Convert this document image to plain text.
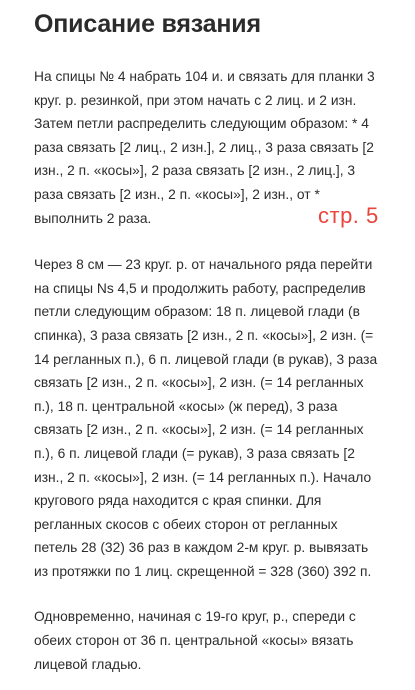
Описание вязания

На спицы № 4 набрать 104 и. и связать для планки 3
круг. р. резинкой, при этом начать с 2 лиц. и 2 изн.
Затем петли распределить следующим образом: * 4
раза связать [2 лиц., 2 изн.], 2 лиц., 3 раза связать [2
изн., 2 п. «косы»], 2 раза связать [2 изн., 2 лиц.], 3
раза связать [2 изн., 2 п. «косы»], 2 изн., от *
выполнить 2 раза.

Через 8 см — 23 круг. р. от начального ряда перейти
на спицы Ns 4,5 и продолжить работу, распределив
петли следующим образом: 18 п. лицевой глади (в
спинка), 3 раза связать [2 изн., 2 п. «косы»], 2 изн. (=
14 регланных п.), 6 п. лицевой глади (в рукав), 3 раза
связать [2 изн., 2 п. «косы»], 2 изн. (= 14 регланных
п.), 18 п. центральной «косы» (ж перед), 3 раза
связать [2 изн., 2 п. «косы»], 2 изн. (= 14 регланных
п.), 6 п. лицевой глади (= рукав), 3 раза связать [2
изн., 2 п. «косы»], 2 изн. (= 14 регланных п.). Начало
кругового ряда находится с края спинки. Для
регланных скосов с обеих сторон от регланных
петель 28 (32) 36 раз в каждом 2-м круг. р. вывязать
из протяжки по 1 лиц. скрещенной = 328 (360) 392 п.

Одновременно, начиная с 19-го круг, р., спереди с
обеих сторон от 36 п. центральной «косы» вязать
лицевой гладью.

стр. 5
